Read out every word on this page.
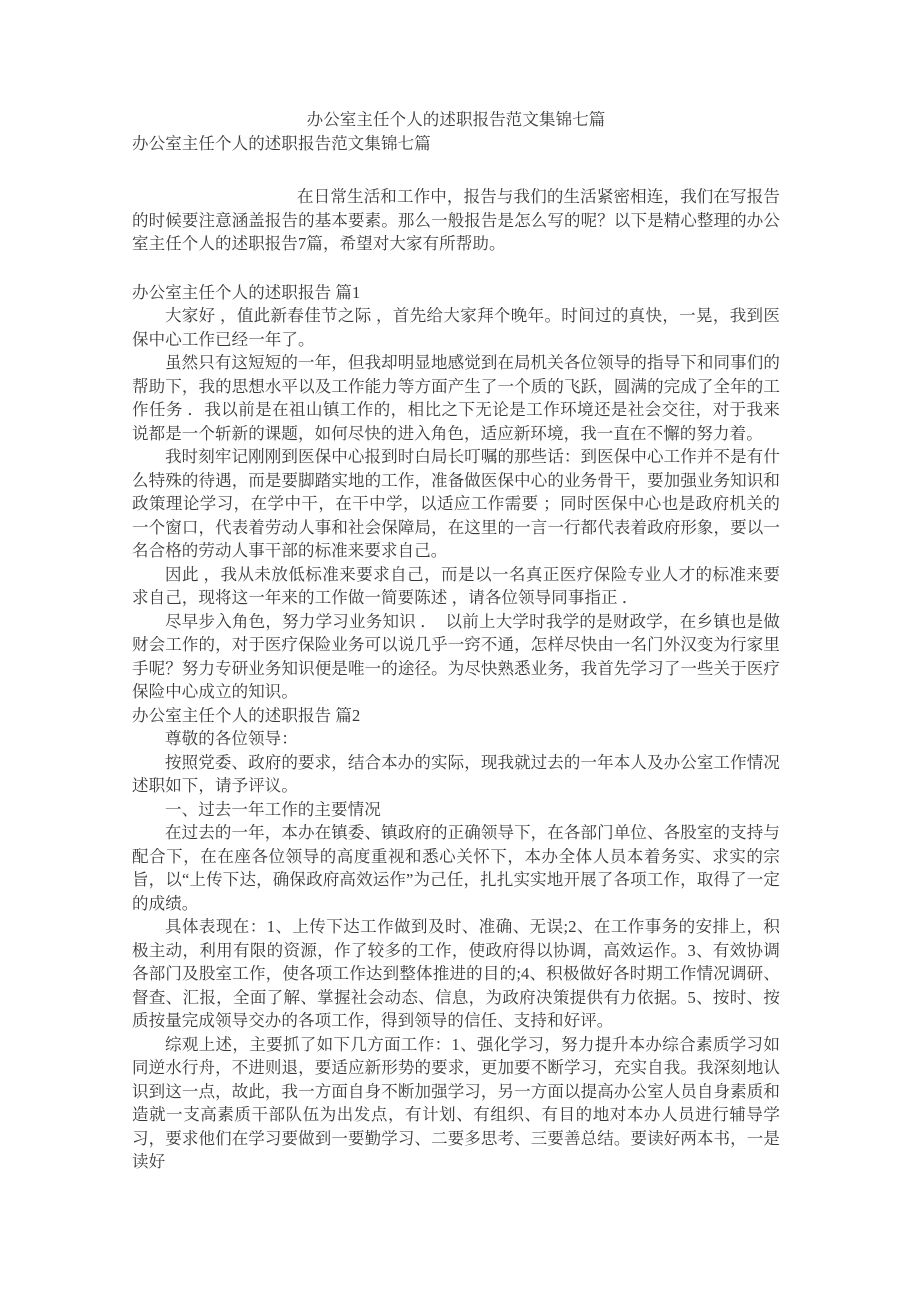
办公室主任个人的述职报告范文集锦七篇
办公室主任个人的述职报告范文集锦七篇

在日常生活和工作中，报告与我们的生活紧密相连，我们在写报告的时候要注意涵盖报告的基本要素。那么一般报告是怎么写的呢？以下是精心整理的办公室主任个人的述职报告7篇，希望对大家有所帮助。

办公室主任个人的述职报告 篇1

大家好 ，值此新春佳节之际 ，首先给大家拜个晚年。时间过的真快，一晃，我到医保中心工作已经一年了。

虽然只有这短短的一年，但我却明显地感觉到在局机关各位领导的指导下和同事们的帮助下，我的思想水平以及工作能力等方面产生了一个质的飞跃，圆满的完成了全年的工作任务 ．我以前是在祖山镇工作的，相比之下无论是工作环境还是社会交往，对于我来说都是一个斩新的课题，如何尽快的进入角色，适应新环境，我一直在不懈的努力着。

我时刻牢记刚刚到医保中心报到时白局长叮嘱的那些话：到医保中心工作并不是有什么特殊的待遇，而是要脚踏实地的工作，准备做医保中心的业务骨干，要加强业务知识和政策理论学习，在学中干，在干中学，以适应工作需要 ；同时医保中心也是政府机关的一个窗口，代表着劳动人事和社会保障局，在这里的一言一行都代表着政府形象，要以一名合格的劳动人事干部的标准来要求自己。

因此 ，我从未放低标准来要求自己，而是以一名真正医疗保险专业人才的标准来要求自己，现将这一年来的工作做一简要陈述 ，请各位领导同事指正 ．

尽早步入角色，努力学习业务知识 ．　以前上大学时我学的是财政学，在乡镇也是做财会工作的，对于医疗保险业务可以说几乎一窍不通，怎样尽快由一名门外汉变为行家里手呢？努力专研业务知识便是唯一的途径。为尽快熟悉业务，我首先学习了一些关于医疗保险中心成立的知识。

办公室主任个人的述职报告 篇2

尊敬的各位领导：

按照党委、政府的要求，结合本办的实际，现我就过去的一年本人及办公室工作情况述职如下，请予评议。

一、过去一年工作的主要情况

在过去的一年，本办在镇委、镇政府的正确领导下，在各部门单位、各股室的支持与配合下，在在座各位领导的高度重视和悉心关怀下，本办全体人员本着务实、求实的宗旨，以“上传下达，确保政府高效运作”为己任，扎扎实实地开展了各项工作，取得了一定的成绩。

具体表现在：1、上传下达工作做到及时、准确、无误;2、在工作事务的安排上，积极主动，利用有限的资源，作了较多的工作，使政府得以协调，高效运作。3、有效协调各部门及股室工作，使各项工作达到整体推进的目的;4、积极做好各时期工作情况调研、督查、汇报，全面了解、掌握社会动态、信息，为政府决策提供有力依据。5、按时、按质按量完成领导交办的各项工作，得到领导的信任、支持和好评。

综观上述，主要抓了如下几方面工作：1、强化学习，努力提升本办综合素质学习如同逆水行舟，不进则退，要适应新形势的要求，更加要不断学习，充实自我。我深刻地认识到这一点，故此，我一方面自身不断加强学习，另一方面以提高办公室人员自身素质和造就一支高素质干部队伍为出发点，有计划、有组织、有目的地对本办人员进行辅导学习，要求他们在学习要做到一要勤学习、二要多思考、三要善总结。要读好两本书，一是读好
